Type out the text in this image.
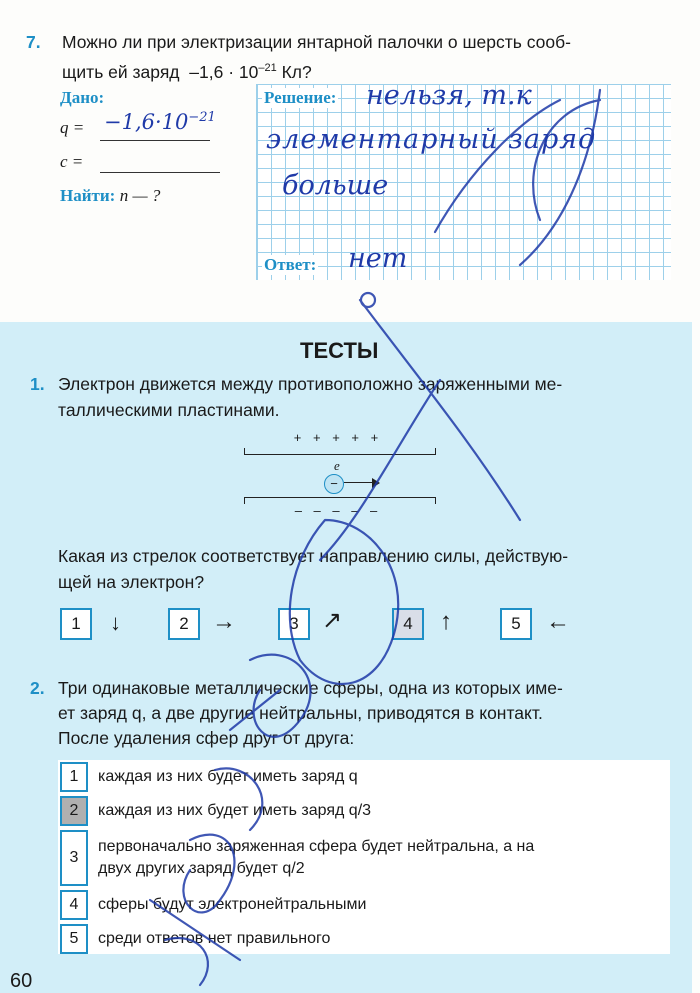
7. Можно ли при электризации янтарной палочки о шерсть сооб-
щить ей заряд $-1,6 \cdot 10^{-21}$ Кл?
Дано:
$q = -1,6\cdot 10^{-21}$
c =
Найти: n — ?
Решение: нельзя, т.к
элементарный заряд
больше
Ответ: нет
ТЕСТЫ
1. Электрон движется между противоположно заряженными ме-
таллическими пластинами.
+ + + + +
e
−
– – – – –
Какая из стрелок соответствует направлению силы, действую-
щей на электрон?
1	↓	2 →	3 ↗	4	↑	5	←
2. Три одинаковые металлические сферы, одна из которых име-
ет заряд q, а две другие нейтральны, приводятся в контакт.
После удаления сфер друг от друга:
1	каждая из них будет иметь заряд q
2	каждая из них будет иметь заряд q/3
3
первоначально заряженная сфера будет нейтральна, а на
двух других заряд будет q/2
4	сферы будут электронейтральными
5	среди ответов нет правильного
60
